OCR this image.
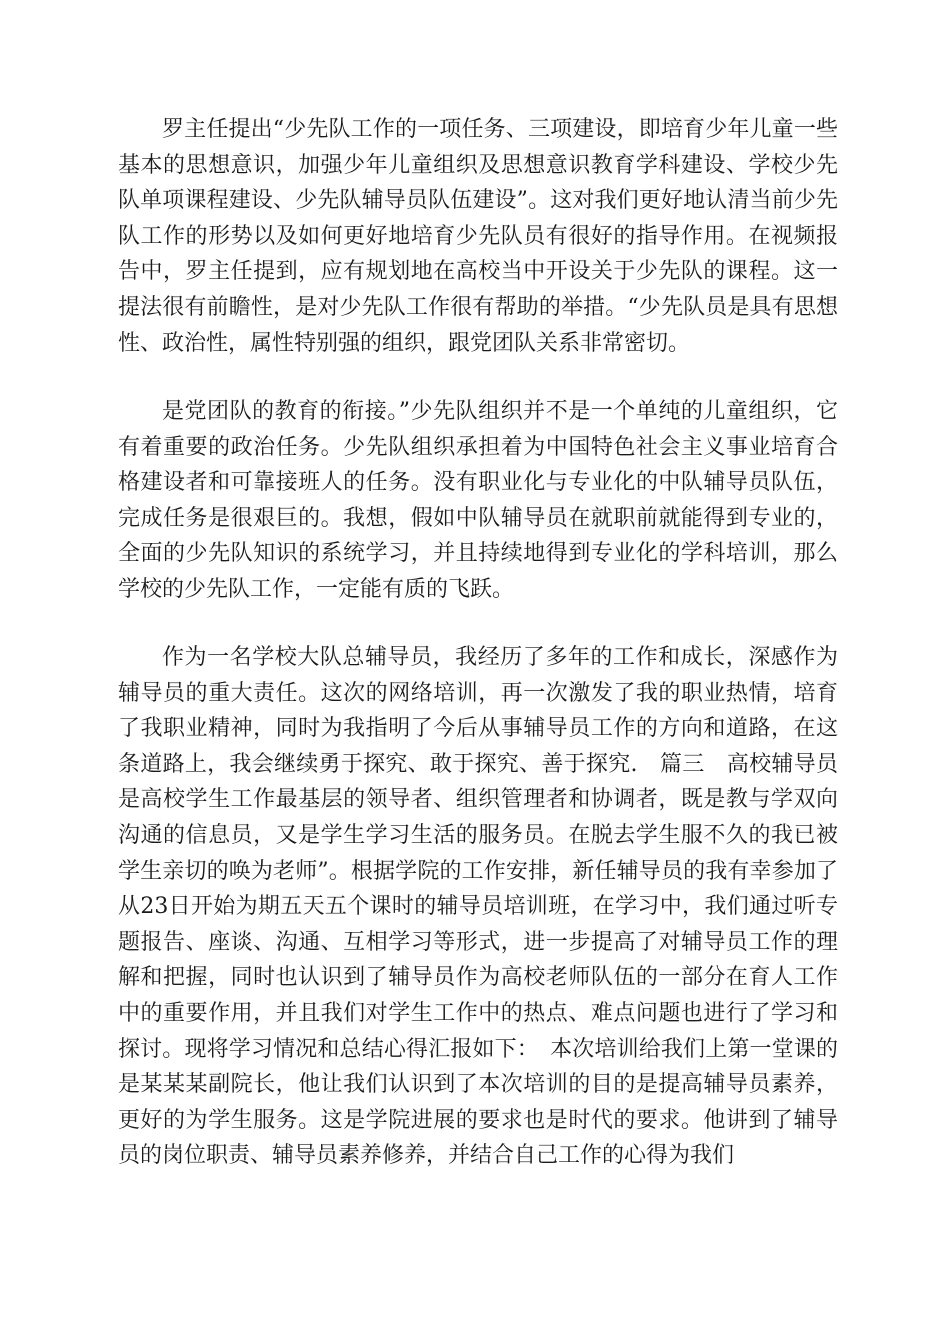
罗主任提出“少先队工作的一项任务、三项建设，即培育少年儿童一些基本的思想意识，加强少年儿童组织及思想意识教育学科建设、学校少先队单项课程建设、少先队辅导员队伍建设”。这对我们更好地认清当前少先队工作的形势以及如何更好地培育少先队员有很好的指导作用。在视频报告中，罗主任提到，应有规划地在高校当中开设关于少先队的课程。这一提法很有前瞻性，是对少先队工作很有帮助的举措。“少先队员是具有思想性、政治性，属性特别强的组织，跟党团队关系非常密切。

是党团队的教育的衔接。”少先队组织并不是一个单纯的儿童组织，它有着重要的政治任务。少先队组织承担着为中国特色社会主义事业培育合格建设者和可靠接班人的任务。没有职业化与专业化的中队辅导员队伍，完成任务是很艰巨的。我想，假如中队辅导员在就职前就能得到专业的，全面的少先队知识的系统学习，并且持续地得到专业化的学科培训，那么学校的少先队工作，一定能有质的飞跃。

作为一名学校大队总辅导员，我经历了多年的工作和成长，深感作为辅导员的重大责任。这次的网络培训，再一次激发了我的职业热情，培育了我职业精神，同时为我指明了今后从事辅导员工作的方向和道路，在这条道路上，我会继续勇于探究、敢于探究、善于探究.　篇三　高校辅导员是高校学生工作最基层的领导者、组织管理者和协调者，既是教与学双向沟通的信息员，又是学生学习生活的服务员。在脱去学生服不久的我已被学生亲切的唤为老师”。根据学院的工作安排，新任辅导员的我有幸参加了从23日开始为期五天五个课时的辅导员培训班，在学习中，我们通过听专题报告、座谈、沟通、互相学习等形式，进一步提高了对辅导员工作的理解和把握，同时也认识到了辅导员作为高校老师队伍的一部分在育人工作中的重要作用，并且我们对学生工作中的热点、难点问题也进行了学习和探讨。现将学习情况和总结心得汇报如下：　本次培训给我们上第一堂课的是某某某副院长，他让我们认识到了本次培训的目的是提高辅导员素养，更好的为学生服务。这是学院进展的要求也是时代的要求。他讲到了辅导员的岗位职责、辅导员素养修养，并结合自己工作的心得为我们
